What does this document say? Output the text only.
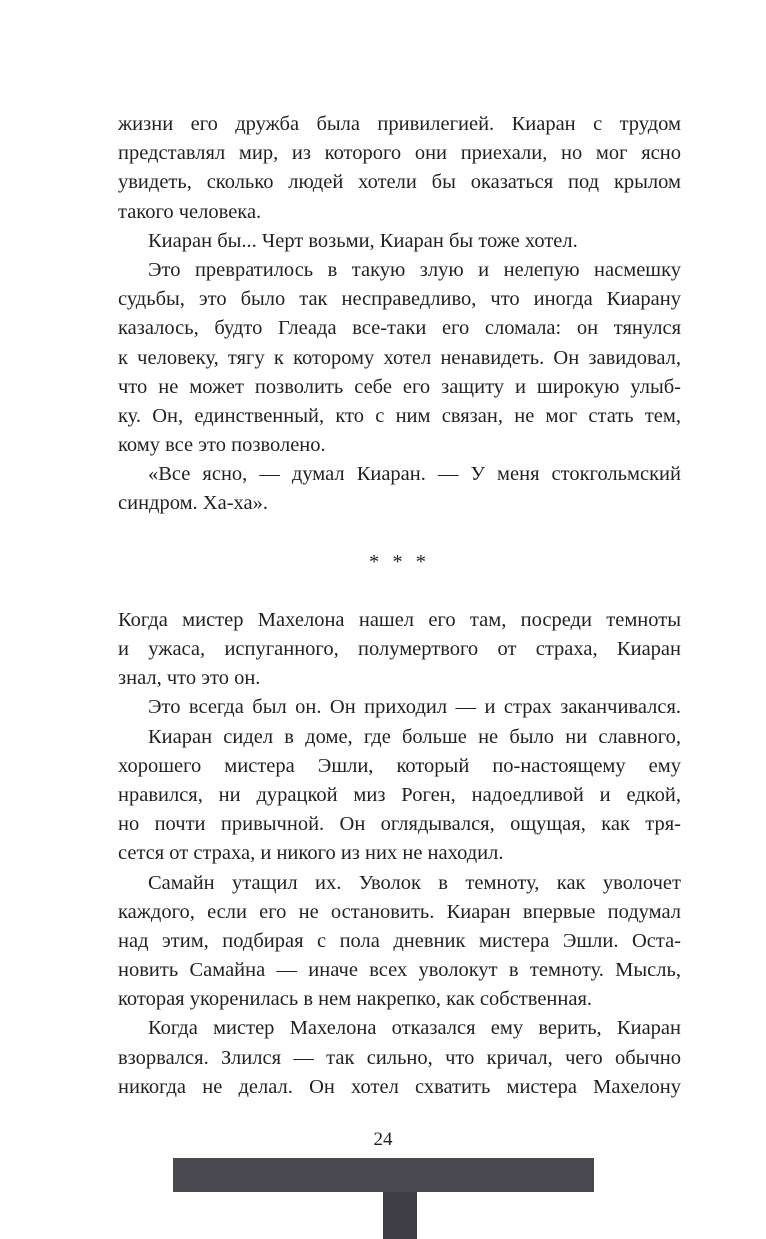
жизни его дружба была привилегией. Киаран с трудом
представлял мир, из которого они приехали, но мог ясно
увидеть, сколько людей хотели бы оказаться под крылом
такого человека.
Киаран бы... Черт возьми, Киаран бы тоже хотел.
Это превратилось в такую злую и нелепую насмешку
судьбы, это было так несправедливо, что иногда Киарану
казалось, будто Глеада все-таки его сломала: он тянулся
к человеку, тягу к которому хотел ненавидеть. Он завидовал,
что не может позволить себе его защиту и широкую улыб-
ку. Он, единственный, кто с ним связан, не мог стать тем,
кому все это позволено.
«Все ясно, — думал Киаран. — У меня стокгольмский
синдром. Ха-ха».
* * *
Когда мистер Махелона нашел его там, посреди темноты
и ужаса, испуганного, полумертвого от страха, Киаран
знал, что это он.
Это всегда был он. Он приходил — и страх заканчивался.
Киаран сидел в доме, где больше не было ни славного,
хорошего мистера Эшли, который по-настоящему ему
нравился, ни дурацкой миз Роген, надоедливой и едкой,
но почти привычной. Он оглядывался, ощущая, как тря-
сется от страха, и никого из них не находил.
Самайн утащил их. Уволок в темноту, как уволочет
каждого, если его не остановить. Киаран впервые подумал
над этим, подбирая с пола дневник мистера Эшли. Оста-
новить Самайна — иначе всех уволокут в темноту. Мысль,
которая укоренилась в нем накрепко, как собственная.
Когда мистер Махелона отказался ему верить, Киаран
взорвался. Злился — так сильно, что кричал, чего обычно
никогда не делал. Он хотел схватить мистера Махелону
24
